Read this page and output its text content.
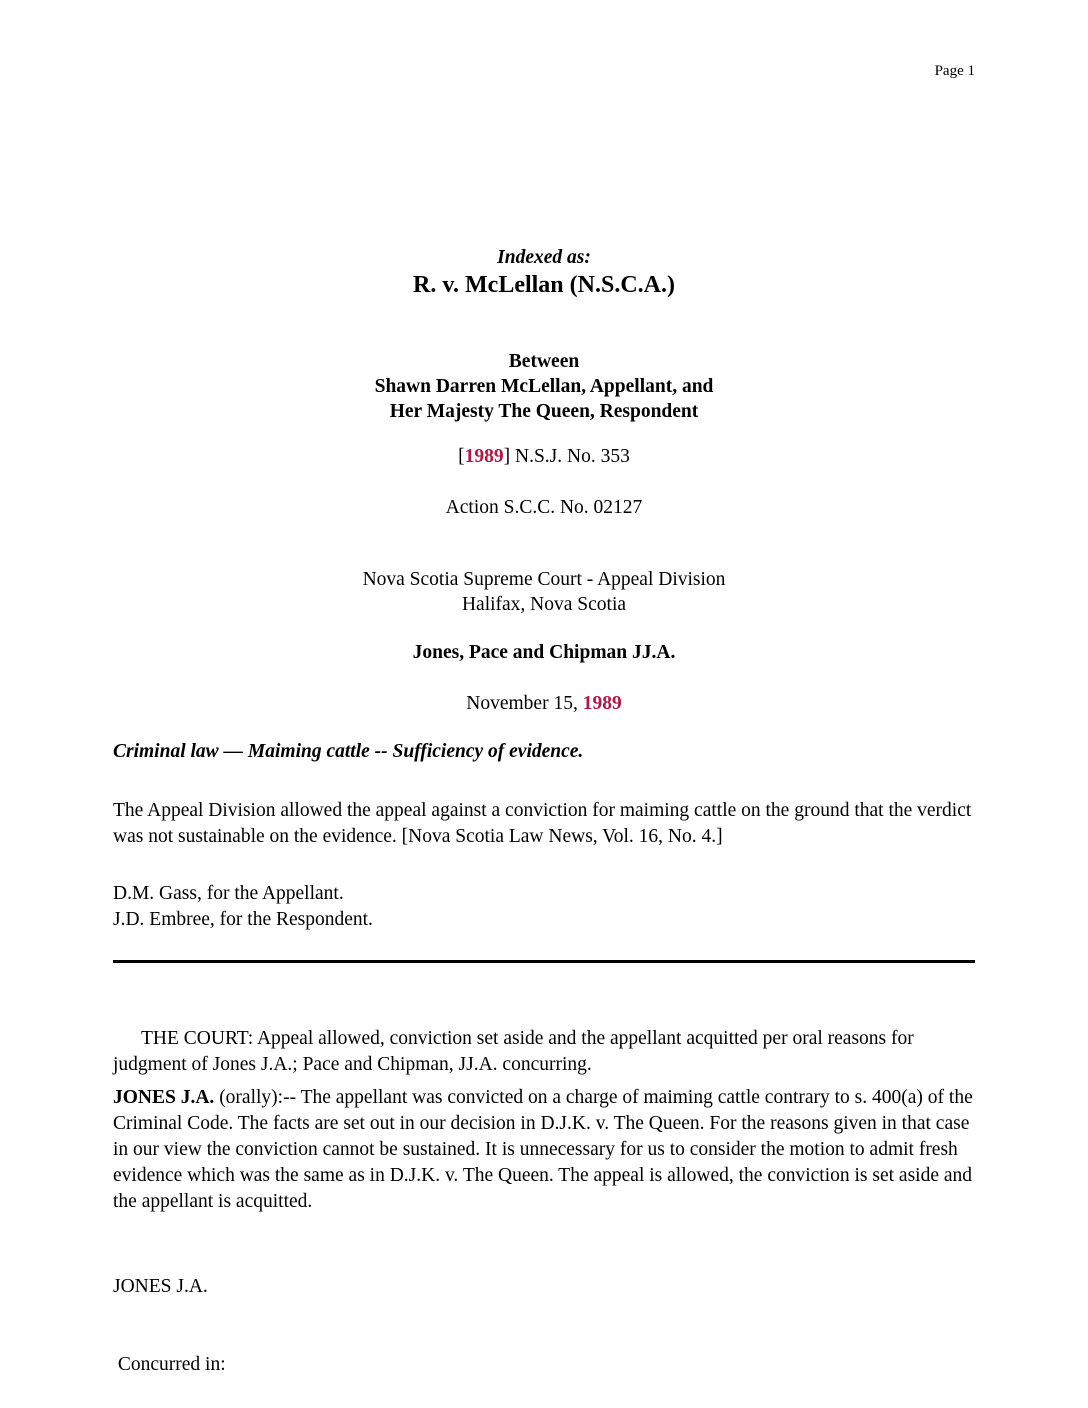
Page 1
Indexed as:
R. v. McLellan (N.S.C.A.)
Between
Shawn Darren McLellan, Appellant, and
Her Majesty The Queen, Respondent
[1989] N.S.J. No. 353
Action S.C.C. No. 02127
Nova Scotia Supreme Court - Appeal Division
Halifax, Nova Scotia
Jones, Pace and Chipman JJ.A.
November 15, 1989
Criminal law — Maiming cattle -- Sufficiency of evidence.
The Appeal Division allowed the appeal against a conviction for maiming cattle on the ground that the verdict was not sustainable on the evidence. [Nova Scotia Law News, Vol. 16, No. 4.]
D.M. Gass, for the Appellant.
J.D. Embree, for the Respondent.
THE COURT: Appeal allowed, conviction set aside and the appellant acquitted per oral reasons for judgment of Jones J.A.; Pace and Chipman, JJ.A. concurring.
JONES J.A. (orally):-- The appellant was convicted on a charge of maiming cattle contrary to s. 400(a) of the Criminal Code. The facts are set out in our decision in D.J.K. v. The Queen. For the reasons given in that case in our view the conviction cannot be sustained. It is unnecessary for us to consider the motion to admit fresh evidence which was the same as in D.J.K. v. The Queen. The appeal is allowed, the conviction is set aside and the appellant is acquitted.

JONES J.A.

Concurred in:
